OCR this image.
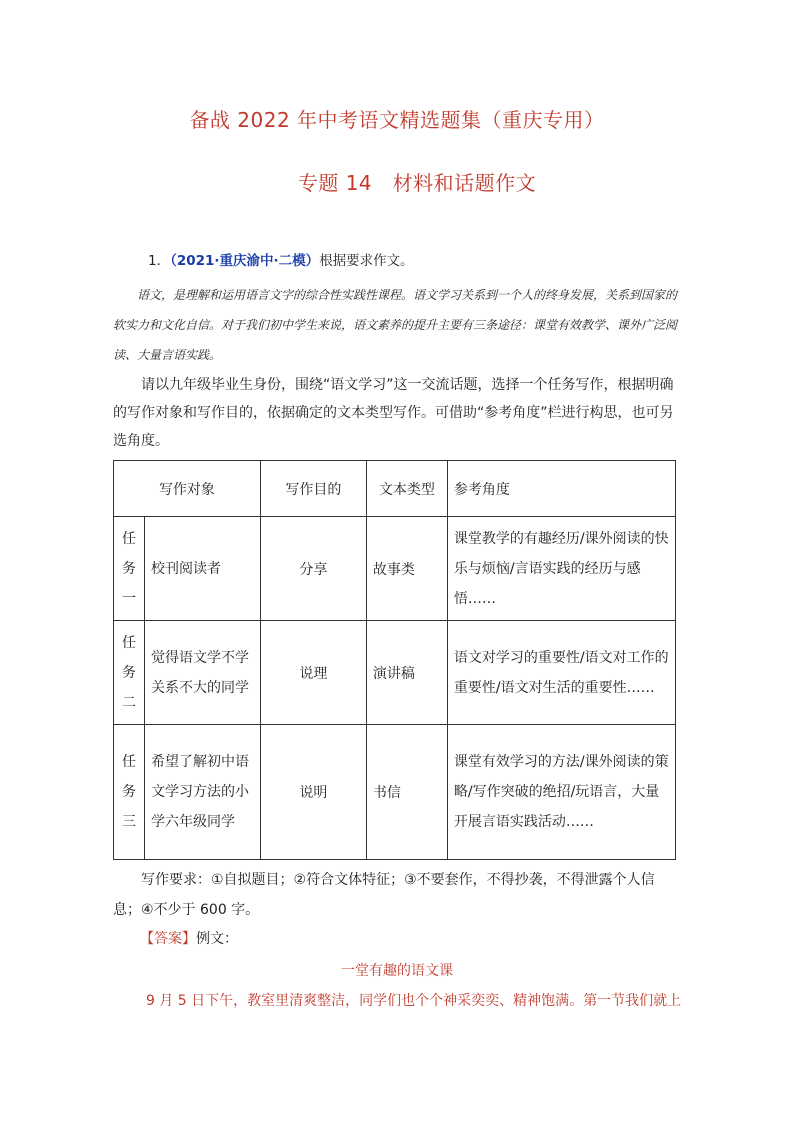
备战 2022 年中考语文精选题集（重庆专用）
专题 14　材料和话题作文
1．（2021·重庆渝中·二模）根据要求作文。
语文，是理解和运用语言文字的综合性实践性课程。语文学习关系到一个人的终身发展，关系到国家的软实力和文化自信。对于我们初中学生来说，语文素养的提升主要有三条途径：课堂有效教学、课外广泛阅读、大量言语实践。
请以九年级毕业生身份，围绕“语文学习”这一交流话题，选择一个任务写作，根据明确的写作对象和写作目的，依据确定的文本类型写作。可借助“参考角度”栏进行构思，也可另选角度。
写作对象		写作目的	文本类型	参考角度
任务一	校刊阅读者	分享	故事类	课堂教学的有趣经历/课外阅读的快乐与烦恼/言语实践的经历与感悟……
任务二	觉得语文学不学关系不大的同学	说理	演讲稿	语文对学习的重要性/语文对工作的重要性/语文对生活的重要性……
任务三	希望了解初中语文学习方法的小学六年级同学	说明	书信	课堂有效学习的方法/课外阅读的策略/写作突破的绝招/玩语言，大量开展言语实践活动……
写作要求：①自拟题目；②符合文体特征；③不要套作，不得抄袭，不得泄露个人信息；④不少于 600 字。
【答案】例文：
一堂有趣的语文课
9 月 5 日下午，教室里清爽整洁，同学们也个个神采奕奕、精神饱满。第一节我们就上
